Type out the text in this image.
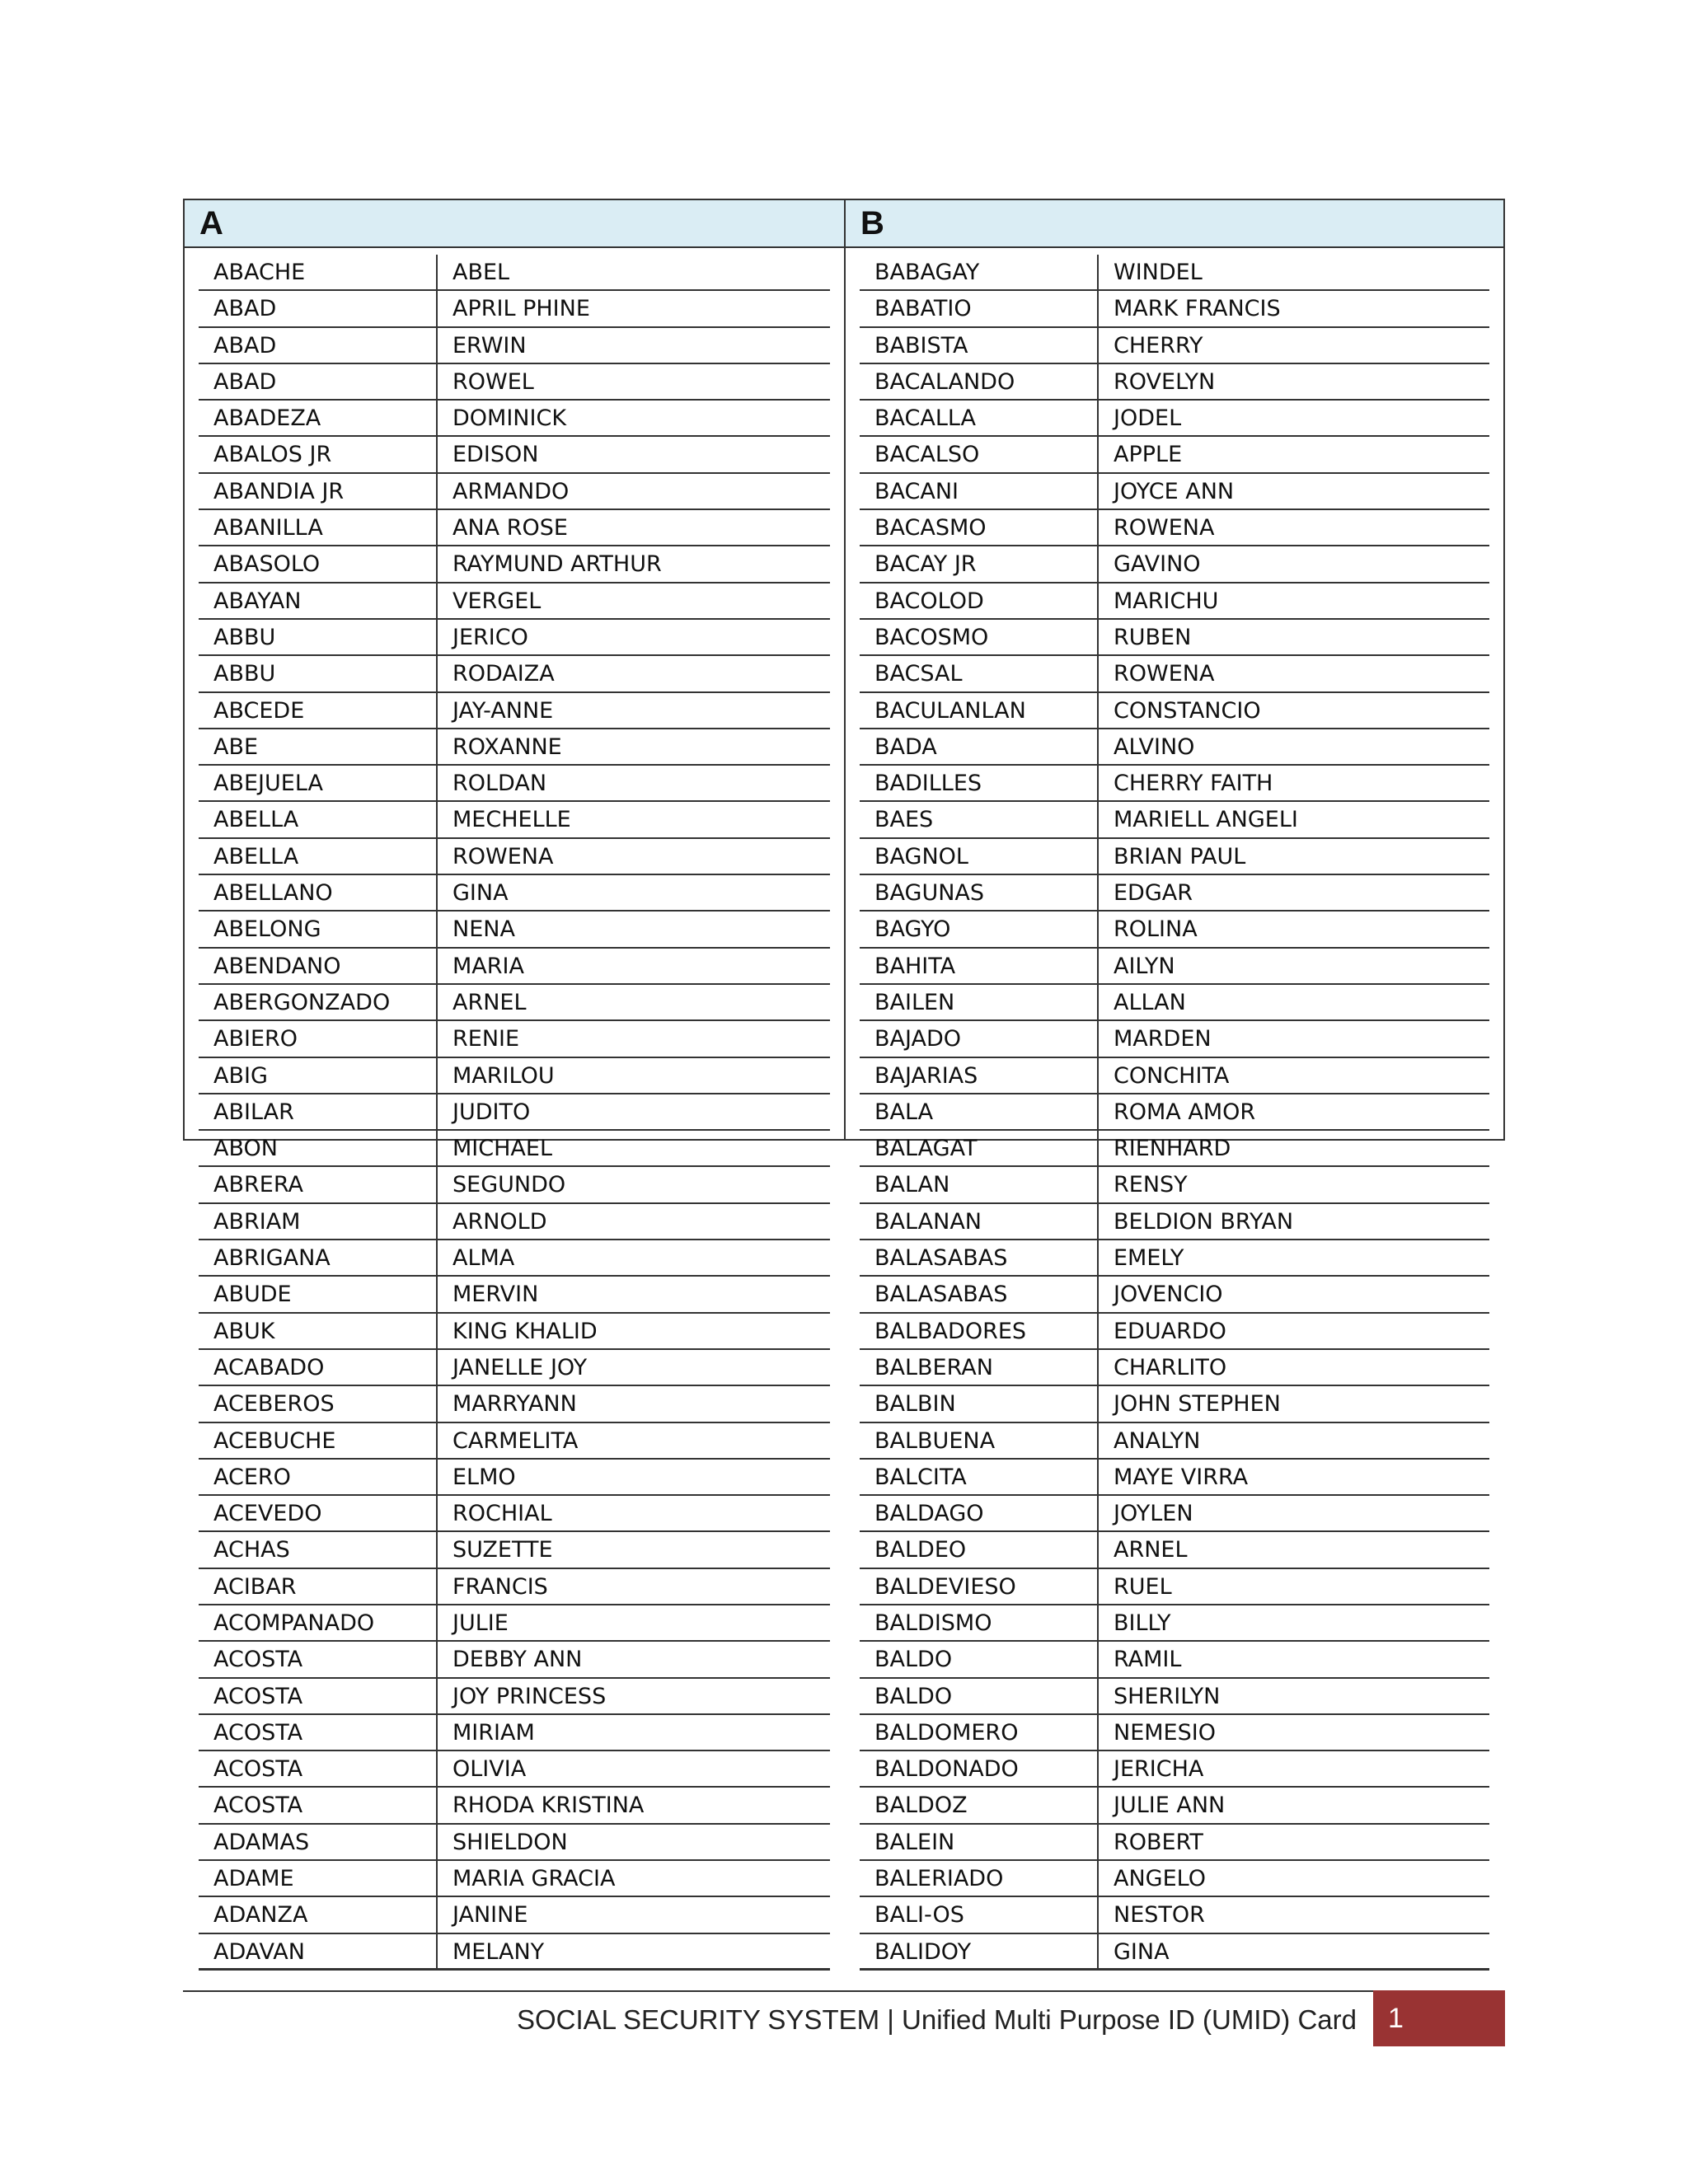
A
ABACHE	ABEL
ABAD	APRIL PHINE
ABAD	ERWIN
ABAD	ROWEL
ABADEZA	DOMINICK
ABALOS JR	EDISON
ABANDIA JR	ARMANDO
ABANILLA	ANA ROSE
ABASOLO	RAYMUND ARTHUR
ABAYAN	VERGEL
ABBU	JERICO
ABBU	RODAIZA
ABCEDE	JAY-ANNE
ABE	ROXANNE
ABEJUELA	ROLDAN
ABELLA	MECHELLE
ABELLA	ROWENA
ABELLANO	GINA
ABELONG	NENA
ABENDANO	MARIA
ABERGONZADO	ARNEL
ABIERO	RENIE
ABIG	MARILOU
ABILAR	JUDITO
ABON	MICHAEL
ABRERA	SEGUNDO
ABRIAM	ARNOLD
ABRIGANA	ALMA
ABUDE	MERVIN
ABUK	KING KHALID
ACABADO	JANELLE JOY
ACEBEROS	MARRYANN
ACEBUCHE	CARMELITA
ACERO	ELMO
ACEVEDO	ROCHIAL
ACHAS	SUZETTE
ACIBAR	FRANCIS
ACOMPANADO	JULIE
ACOSTA	DEBBY ANN
ACOSTA	JOY PRINCESS
ACOSTA	MIRIAM
ACOSTA	OLIVIA
ACOSTA	RHODA KRISTINA
ADAMAS	SHIELDON
ADAME	MARIA GRACIA
ADANZA	JANINE
ADAVAN	MELANY
B
BABAGAY	WINDEL
BABATIO	MARK FRANCIS
BABISTA	CHERRY
BACALANDO	ROVELYN
BACALLA	JODEL
BACALSO	APPLE
BACANI	JOYCE ANN
BACASMO	ROWENA
BACAY JR	GAVINO
BACOLOD	MARICHU
BACOSMO	RUBEN
BACSAL	ROWENA
BACULANLAN	CONSTANCIO
BADA	ALVINO
BADILLES	CHERRY FAITH
BAES	MARIELL ANGELI
BAGNOL	BRIAN PAUL
BAGUNAS	EDGAR
BAGYO	ROLINA
BAHITA	AILYN
BAILEN	ALLAN
BAJADO	MARDEN
BAJARIAS	CONCHITA
BALA	ROMA AMOR
BALAGAT	RIENHARD
BALAN	RENSY
BALANAN	BELDION BRYAN
BALASABAS	EMELY
BALASABAS	JOVENCIO
BALBADORES	EDUARDO
BALBERAN	CHARLITO
BALBIN	JOHN STEPHEN
BALBUENA	ANALYN
BALCITA	MAYE VIRRA
BALDAGO	JOYLEN
BALDEO	ARNEL
BALDEVIESO	RUEL
BALDISMO	BILLY
BALDO	RAMIL
BALDO	SHERILYN
BALDOMERO	NEMESIO
BALDONADO	JERICHA
BALDOZ	JULIE ANN
BALEIN	ROBERT
BALERIADO	ANGELO
BALI-OS	NESTOR
BALIDOY	GINA
SOCIAL SECURITY SYSTEM | Unified Multi Purpose ID (UMID) Card	1
